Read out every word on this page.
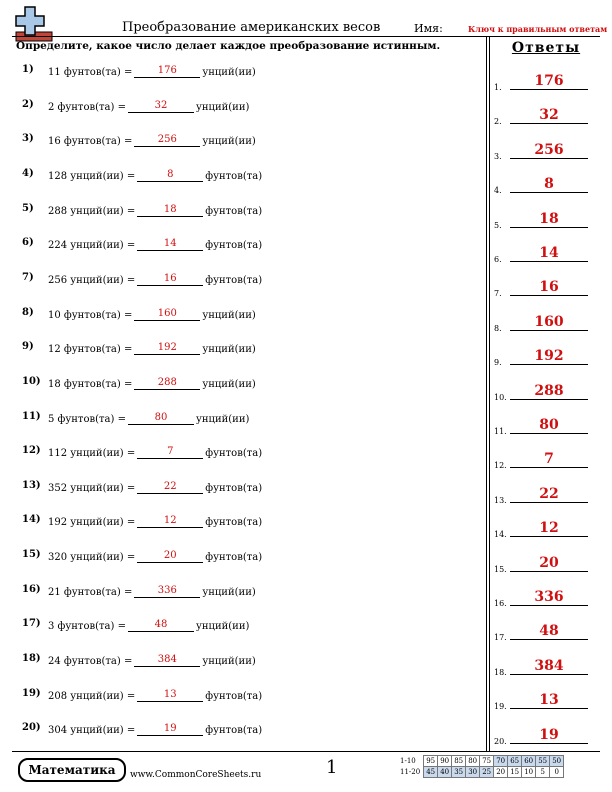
Преобразование американских весов	Имя:	Ключ к правильным ответам
Определите, какое число делает каждое преобразование истинным.	Ответы
1) 11 фунтов(та) =	176	унций(ии)
2) 2 фунтов(та) =	32	унций(ии)
3) 16 фунтов(та) =	256	унций(ии)
4) 128 унций(ии) =	8	фунтов(та)
5) 288 унций(ии) =	18	фунтов(та)
6) 224 унций(ии) =	14	фунтов(та)
7) 256 унций(ии) =	16	фунтов(та)
8) 10 фунтов(та) =	160	унций(ии)
9) 12 фунтов(та) =	192	унций(ии)
10) 18 фунтов(та) =	288	унций(ии)
11) 5 фунтов(та) =	80	унций(ии)
12) 112 унций(ии) =	7	фунтов(та)
13) 352 унций(ии) =	22	фунтов(та)
14) 192 унций(ии) =	12	фунтов(та)
15) 320 унций(ии) =	20	фунтов(та)
16) 21 фунтов(та) =	336	унций(ии)
17) 3 фунтов(та) =	48	унций(ии)
18) 24 фунтов(та) =	384	унций(ии)
19) 208 унций(ии) =	13	фунтов(та)
20) 304 унций(ии) =	19	фунтов(та)
1.	176
2.	32
3.	256
4.	8
5.	18
6.	14
7.	16
8.	160
9.	192
10.	288
11.	80
12.	7
13.	22
14.	12
15.	20
16.	336
17.	48
18.	384
19.	13
20.	19
Математика	www.CommonCoreSheets.ru	1	1-10	95	90	85	80	75	70	65	60	55	50
11-20	45	40	35	30	25	20	15	10	5	0
